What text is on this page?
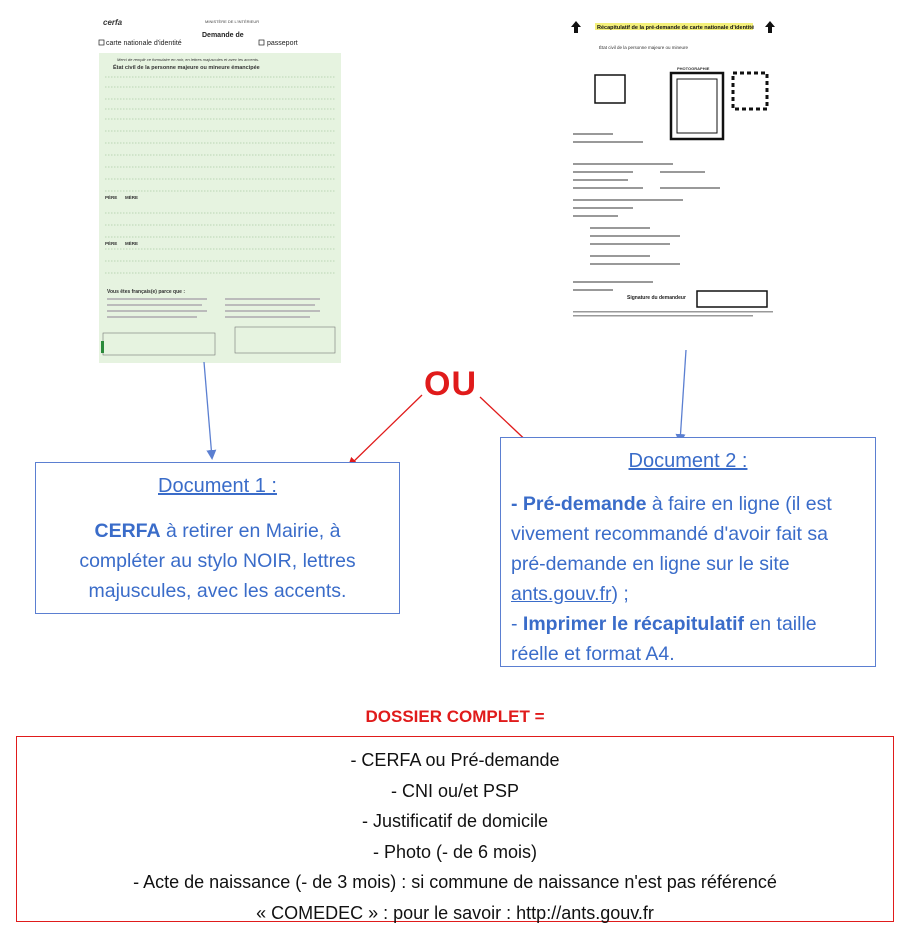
cerfa	MINISTÈRE DE L'INTÉRIEUR
Demande de
carte nationale d'identité	passeport
Merci de remplir ce formulaire en noir, en lettres majuscules et avec les accents.
État civil de la personne majeure ou mineure émancipée
PÈRE MÈRE
PÈRE MÈRE
Vous êtes français(e) parce que :
Récapitulatif de la pré-demande de carte nationale d'identité
État civil de la personne majeure ou mineure
PHOTOGRAPHIE
Signature du demandeur
OU
Document 1 :
CERFA à retirer en Mairie, à compléter au stylo NOIR, lettres majuscules, avec les accents.
Document 2 :
- Pré-demande à faire en ligne (il est vivement recommandé d'avoir fait sa pré-demande en ligne sur le site ants.gouv.fr) ;
- Imprimer le récapitulatif en taille réelle et format A4.
DOSSIER COMPLET =
- CERFA ou Pré-demande
- CNI ou/et PSP
- Justificatif de domicile
- Photo (- de 6 mois)
- Acte de naissance (- de 3 mois) : si commune de naissance n'est pas référencé
« COMEDEC » : pour le savoir : http://ants.gouv.fr
